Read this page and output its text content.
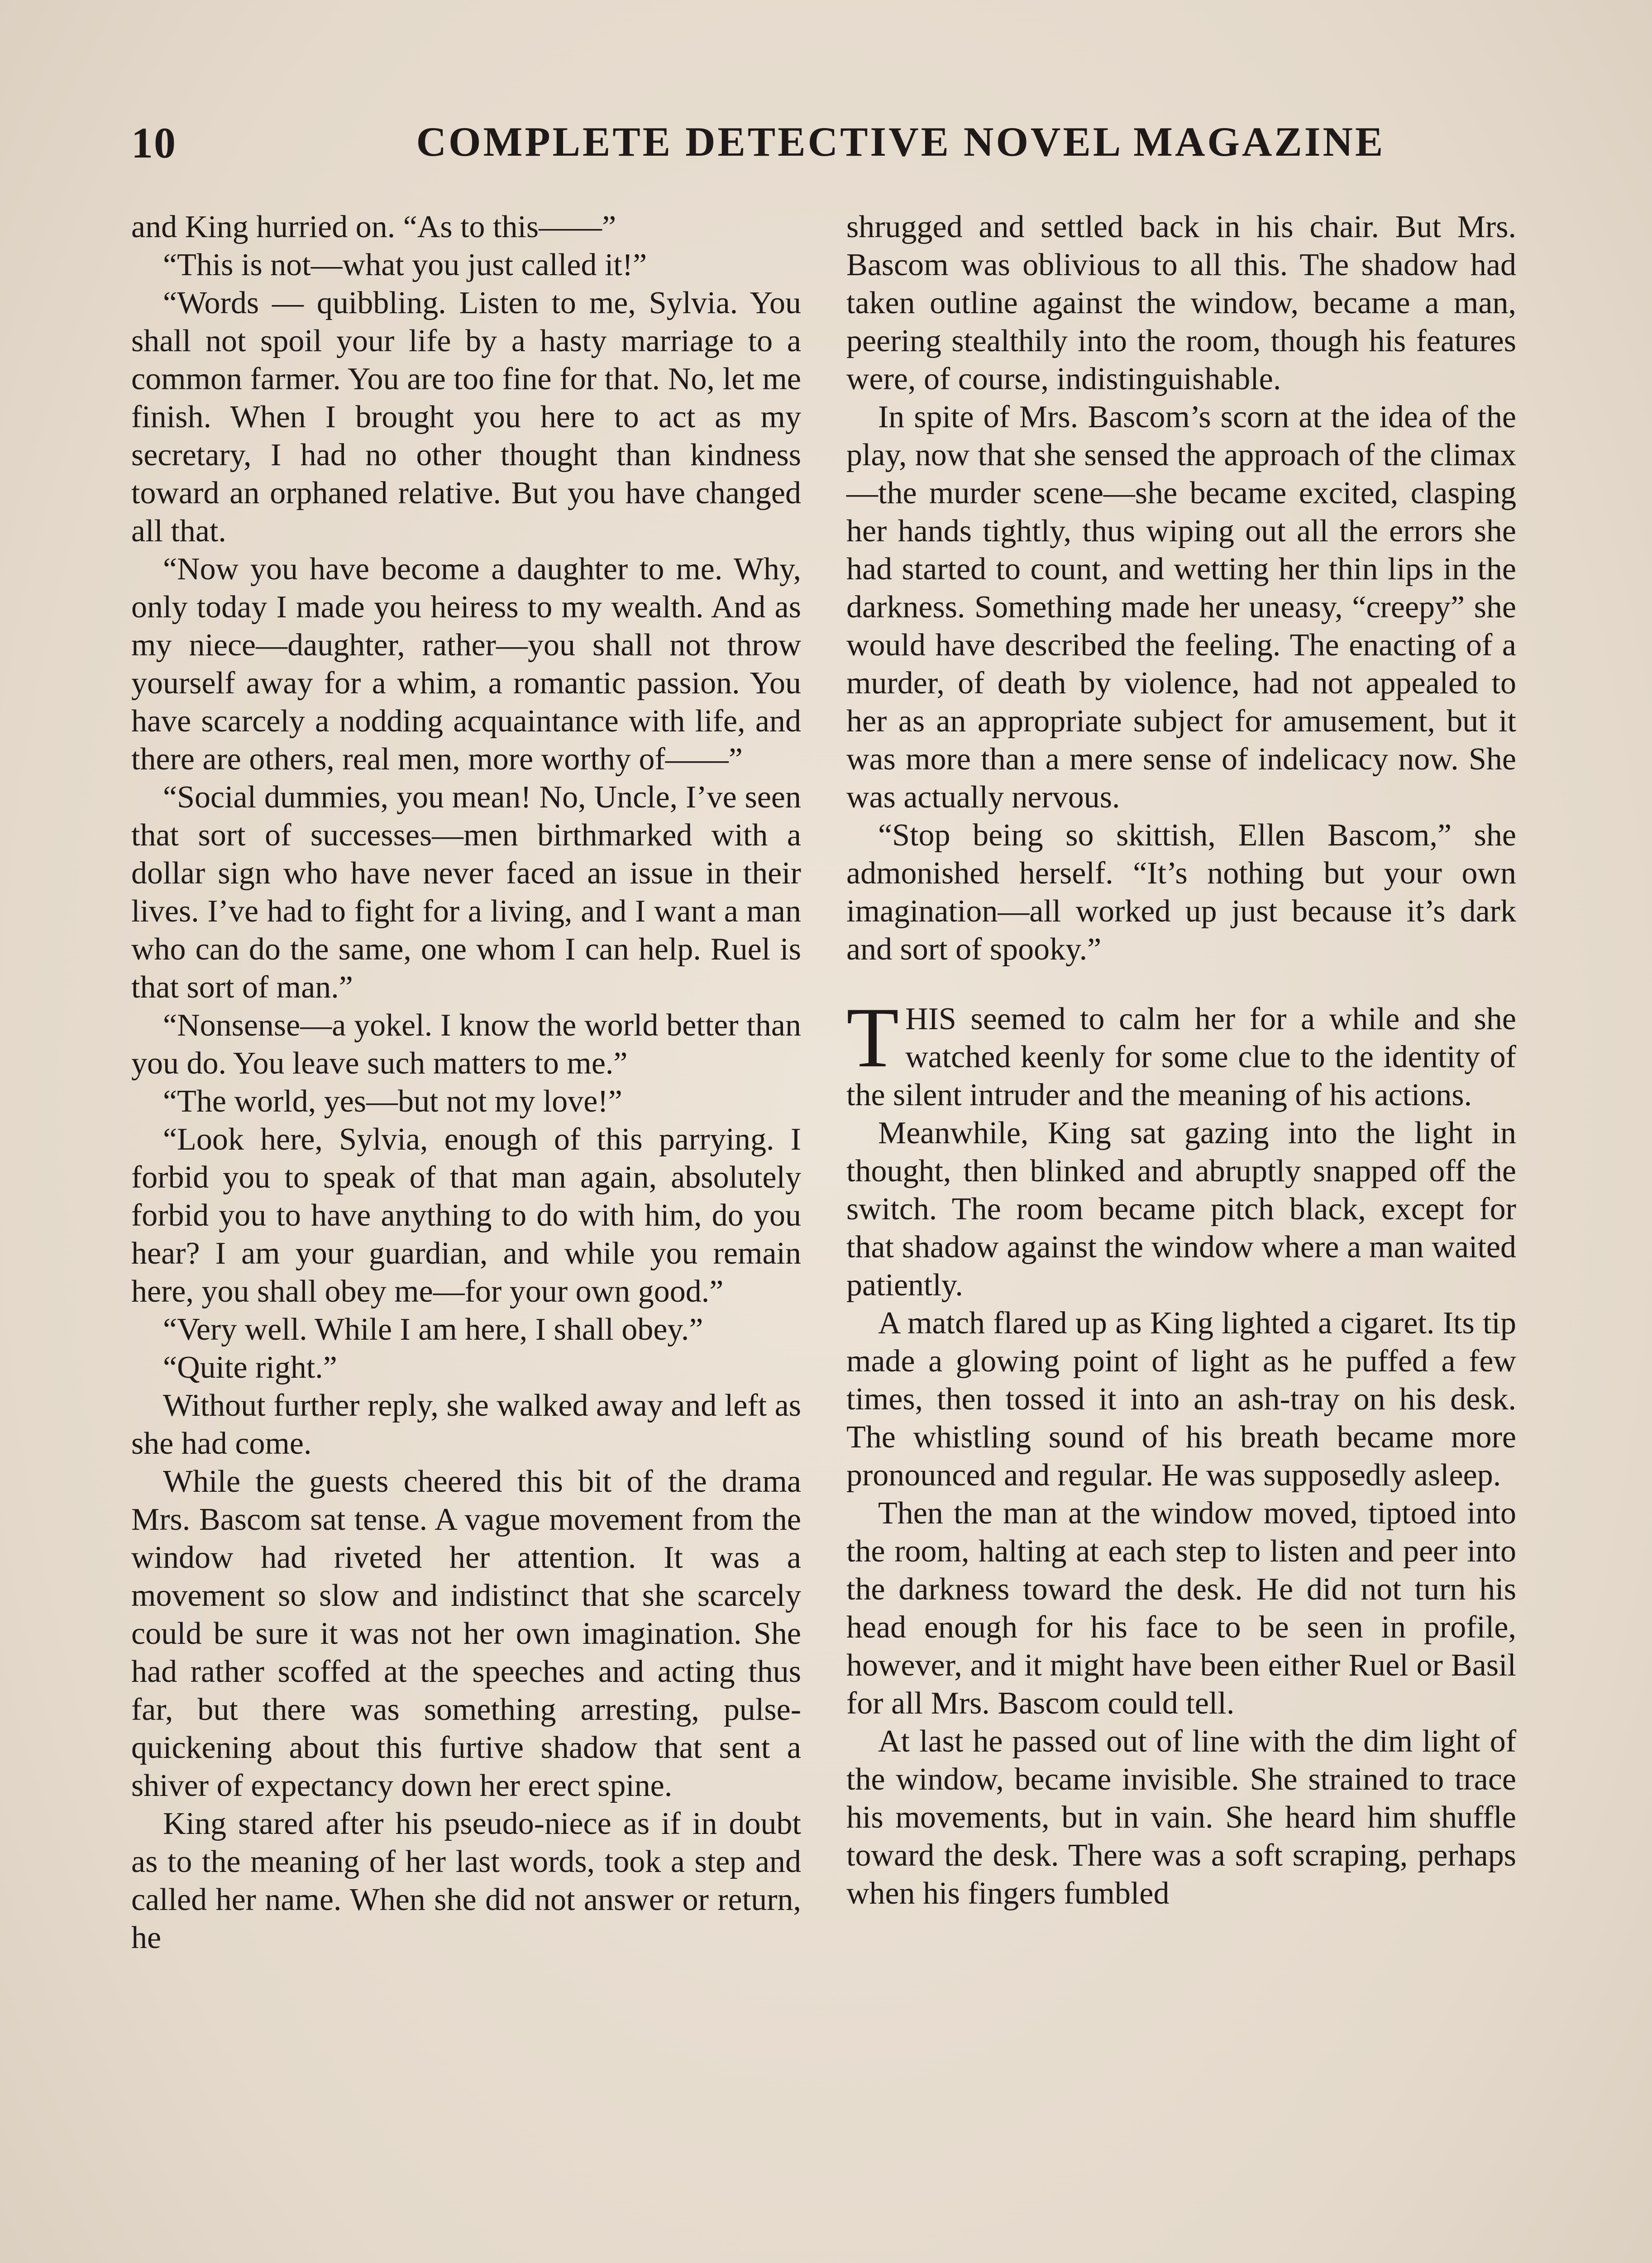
10	COMPLETE DETECTIVE NOVEL MAGAZINE

and King hurried on. “As to this——”

“This is not—what you just called it!”

“Words — quibbling. Listen to me, Sylvia. You shall not spoil your life by a hasty marriage to a common farmer. You are too fine for that. No, let me finish. When I brought you here to act as my secretary, I had no other thought than kindness toward an orphaned relative. But you have changed all that.

“Now you have become a daughter to me. Why, only today I made you heiress to my wealth. And as my niece—daughter, rather—you shall not throw yourself away for a whim, a romantic passion. You have scarcely a nodding acquaintance with life, and there are others, real men, more worthy of——”

“Social dummies, you mean! No, Uncle, I’ve seen that sort of successes—men birthmarked with a dollar sign who have never faced an issue in their lives. I’ve had to fight for a living, and I want a man who can do the same, one whom I can help. Ruel is that sort of man.”

“Nonsense—a yokel. I know the world better than you do. You leave such matters to me.”

“The world, yes—but not my love!”

“Look here, Sylvia, enough of this parrying. I forbid you to speak of that man again, absolutely forbid you to have anything to do with him, do you hear? I am your guardian, and while you remain here, you shall obey me—for your own good.”

“Very well. While I am here, I shall obey.”

“Quite right.”

Without further reply, she walked away and left as she had come.

While the guests cheered this bit of the drama Mrs. Bascom sat tense. A vague movement from the window had riveted her attention. It was a movement so slow and indistinct that she scarcely could be sure it was not her own imagination. She had rather scoffed at the speeches and acting thus far, but there was something arresting, pulse-quickening about this furtive shadow that sent a shiver of expectancy down her erect spine.

King stared after his pseudo-niece as if in doubt as to the meaning of her last words, took a step and called her name. When she did not answer or return, he

shrugged and settled back in his chair. But Mrs. Bascom was oblivious to all this. The shadow had taken outline against the window, became a man, peering stealthily into the room, though his features were, of course, indistinguishable.

In spite of Mrs. Bascom’s scorn at the idea of the play, now that she sensed the approach of the climax—the murder scene—she became excited, clasping her hands tightly, thus wiping out all the errors she had started to count, and wetting her thin lips in the darkness. Something made her uneasy, “creepy” she would have described the feeling. The enacting of a murder, of death by violence, had not appealed to her as an appropriate subject for amusement, but it was more than a mere sense of indelicacy now. She was actually nervous.

“Stop being so skittish, Ellen Bascom,” she admonished herself. “It’s nothing but your own imagination—all worked up just because it’s dark and sort of spooky.”

THIS seemed to calm her for a while and she watched keenly for some clue to the identity of the silent intruder and the meaning of his actions.

Meanwhile, King sat gazing into the light in thought, then blinked and abruptly snapped off the switch. The room became pitch black, except for that shadow against the window where a man waited patiently.

A match flared up as King lighted a cigaret. Its tip made a glowing point of light as he puffed a few times, then tossed it into an ash-tray on his desk. The whistling sound of his breath became more pronounced and regular. He was supposedly asleep.

Then the man at the window moved, tiptoed into the room, halting at each step to listen and peer into the darkness toward the desk. He did not turn his head enough for his face to be seen in profile, however, and it might have been either Ruel or Basil for all Mrs. Bascom could tell.

At last he passed out of line with the dim light of the window, became invisible. She strained to trace his movements, but in vain. She heard him shuffle toward the desk. There was a soft scraping, perhaps when his fingers fumbled
